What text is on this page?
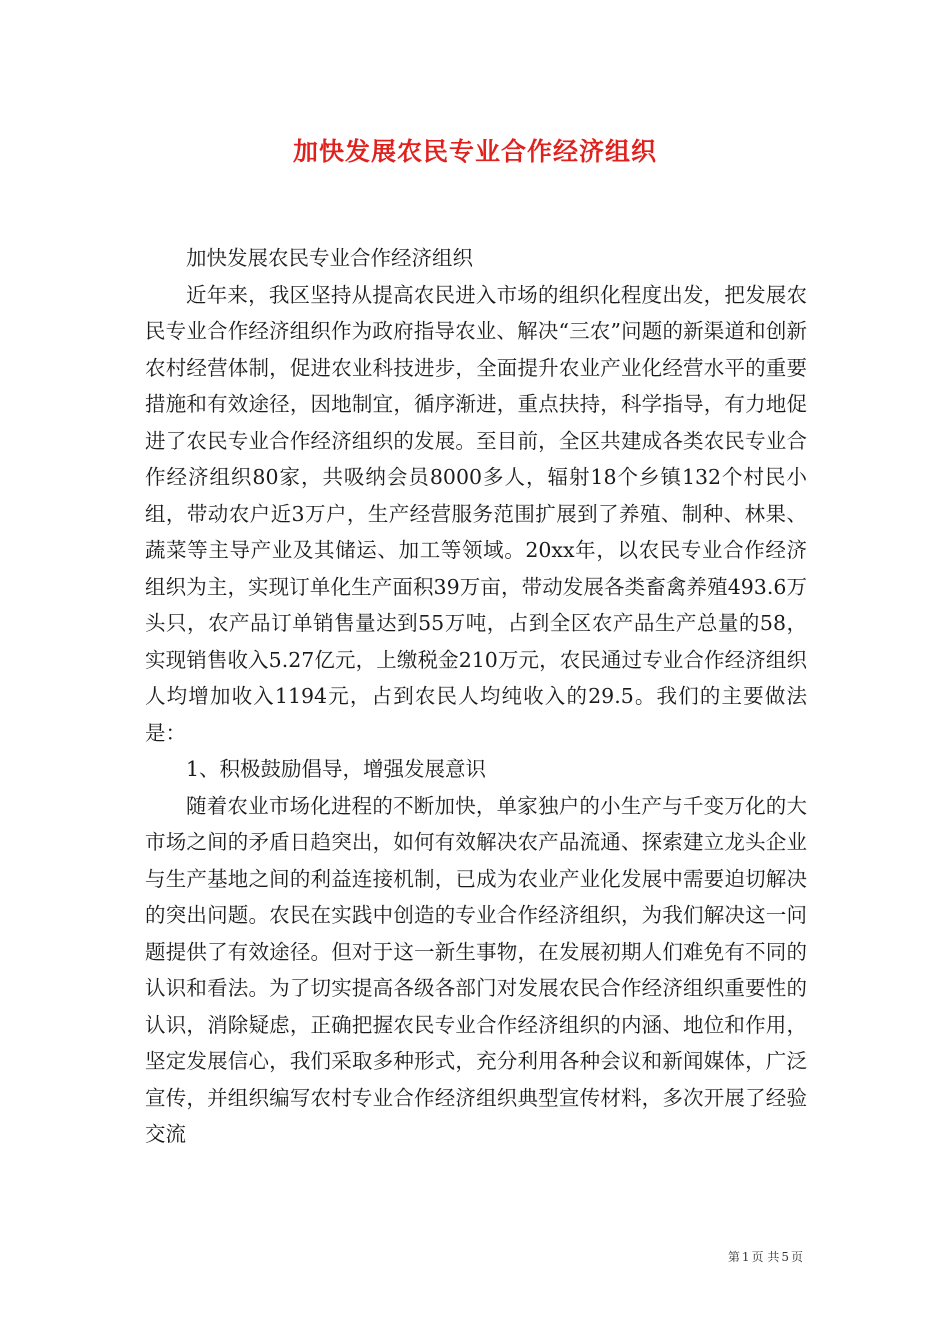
加快发展农民专业合作经济组织

加快发展农民专业合作经济组织

近年来，我区坚持从提高农民进入市场的组织化程度出发，把发展农民专业合作经济组织作为政府指导农业、解决“三农”问题的新渠道和创新农村经营体制，促进农业科技进步，全面提升农业产业化经营水平的重要措施和有效途径，因地制宜，循序渐进，重点扶持，科学指导，有力地促进了农民专业合作经济组织的发展。至目前，全区共建成各类农民专业合作经济组织80家，共吸纳会员8000多人，辐射18个乡镇132个村民小组，带动农户近3万户，生产经营服务范围扩展到了养殖、制种、林果、蔬菜等主导产业及其储运、加工等领域。20xx年，以农民专业合作经济组织为主，实现订单化生产面积39万亩，带动发展各类畜禽养殖493.6万头只，农产品订单销售量达到55万吨，占到全区农产品生产总量的58，实现销售收入5.27亿元，上缴税金210万元，农民通过专业合作经济组织人均增加收入1194元，占到农民人均纯收入的29.5。我们的主要做法是：

1、积极鼓励倡导，增强发展意识

随着农业市场化进程的不断加快，单家独户的小生产与千变万化的大市场之间的矛盾日趋突出，如何有效解决农产品流通、探索建立龙头企业与生产基地之间的利益连接机制，已成为农业产业化发展中需要迫切解决的突出问题。农民在实践中创造的专业合作经济组织，为我们解决这一问题提供了有效途径。但对于这一新生事物，在发展初期人们难免有不同的认识和看法。为了切实提高各级各部门对发展农民合作经济组织重要性的认识，消除疑虑，正确把握农民专业合作经济组织的内涵、地位和作用，坚定发展信心，我们采取多种形式，充分利用各种会议和新闻媒体，广泛宣传，并组织编写农村专业合作经济组织典型宣传材料，多次开展了经验交流

第 1 页 共 5 页
